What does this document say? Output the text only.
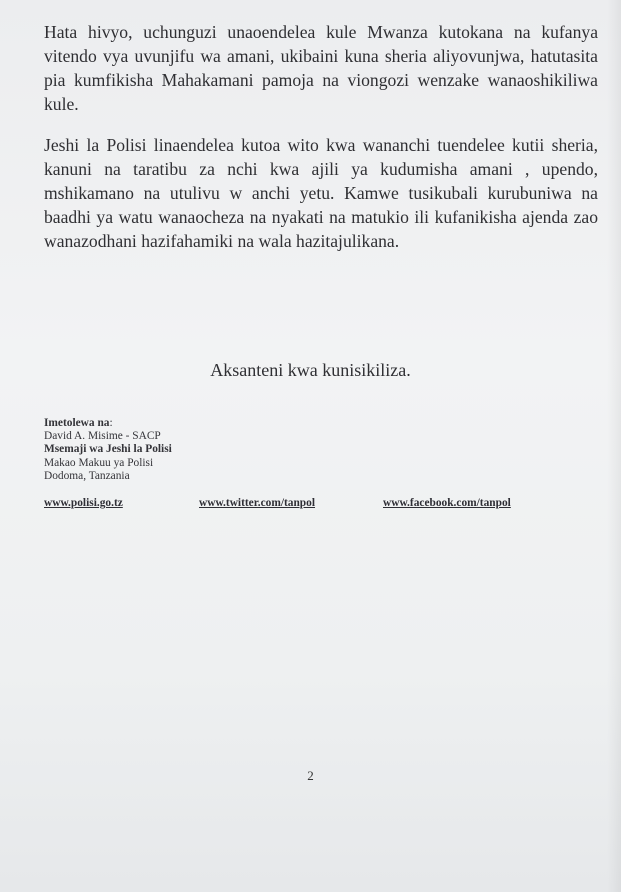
Hata hivyo, uchunguzi unaoendelea kule Mwanza kutokana na kufanya vitendo vya uvunjifu wa amani, ukibaini kuna sheria aliyovunjwa, hatutasita pia kumfikisha Mahakamani pamoja na viongozi wenzake wanaoshikiliwa kule.

Jeshi la Polisi linaendelea kutoa wito kwa wananchi tuendelee kutii sheria, kanuni na taratibu za nchi kwa ajili ya kudumisha amani , upendo, mshikamano na utulivu w anchi yetu. Kamwe tusikubali kurubuniwa na baadhi ya watu wanaocheza na nyakati na matukio ili kufanikisha ajenda zao wanazodhani hazifahamiki na wala hazitajulikana.

Aksanteni kwa kunisikiliza.
Imetolewa na:
David A. Misime - SACP
Msemaji wa Jeshi la Polisi
Makao Makuu ya Polisi
Dodoma, Tanzania
www.polisi.go.tz	www.twitter.com/tanpol	www.facebook.com/tanpol
2
